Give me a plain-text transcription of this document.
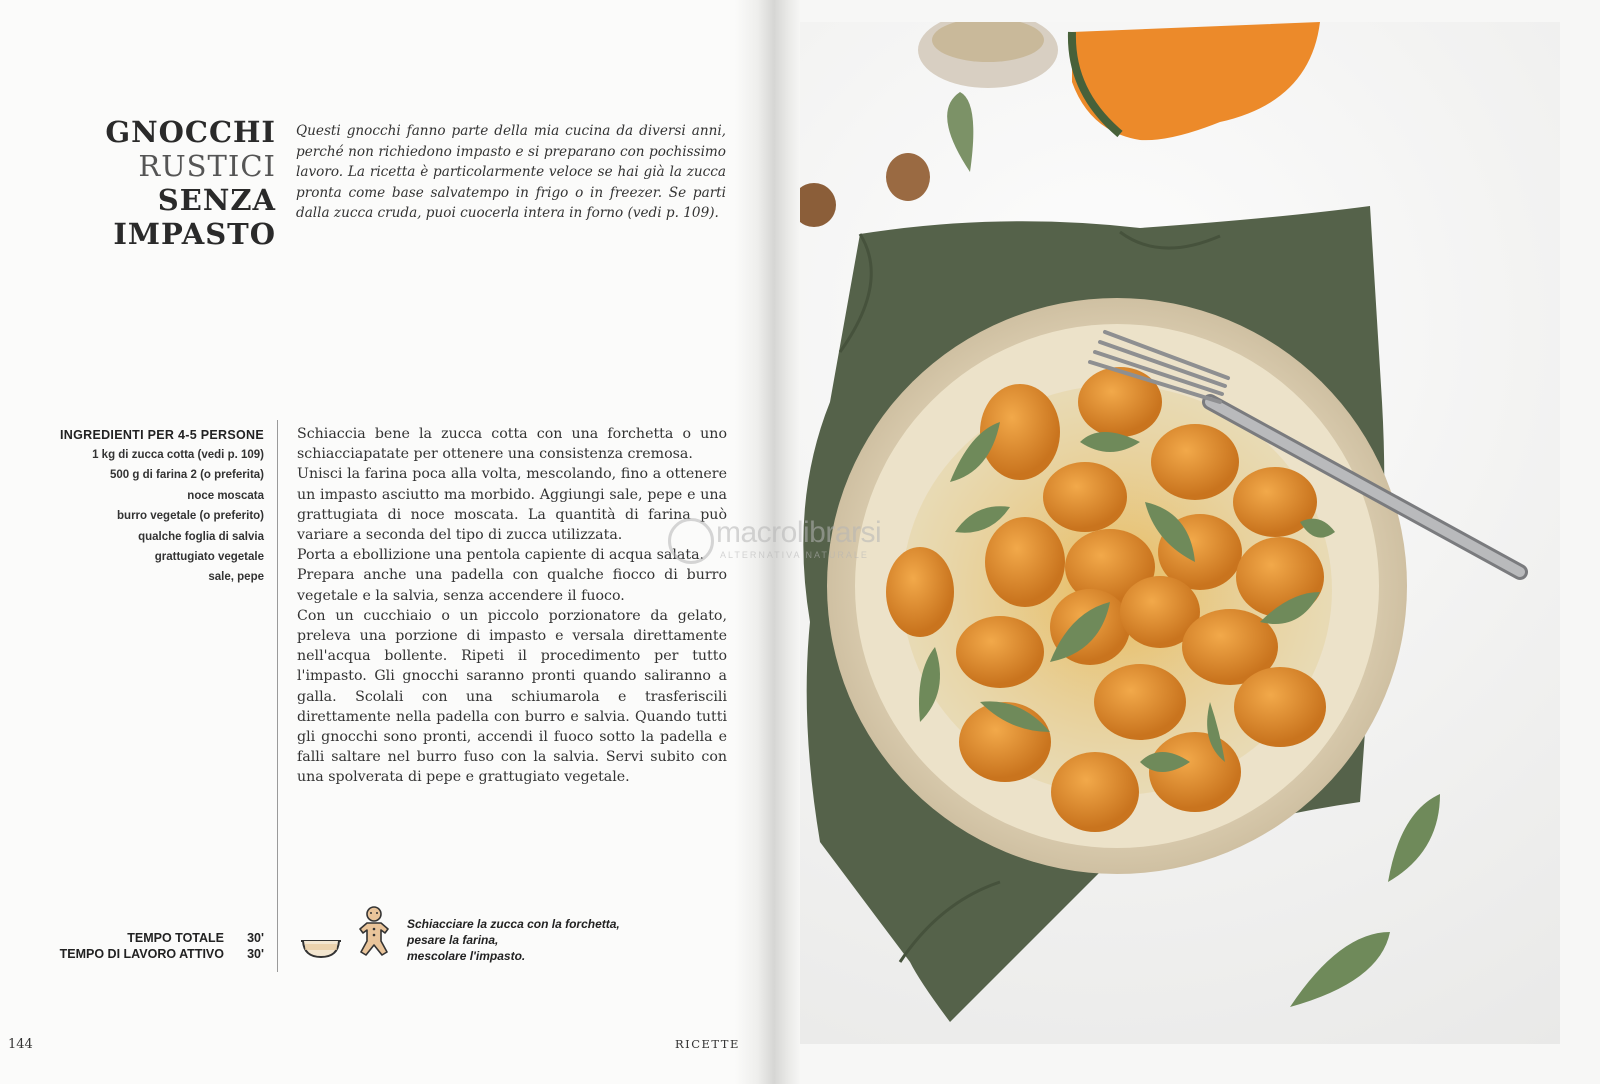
GNOCCHI
RUSTICI
SENZA
IMPASTO
Questi gnocchi fanno parte della mia cucina da diversi anni, perché non richiedono impasto e si preparano con pochissimo lavoro. La ricetta è particolarmente veloce se hai già la zucca pronta come base salvatempo in frigo o in freezer. Se parti dalla zucca cruda, puoi cuocerla intera in forno (vedi p. 109).
INGREDIENTI PER 4-5 PERSONE
1 kg di zucca cotta (vedi p. 109)
500 g di farina 2 (o preferita)
noce moscata
burro vegetale (o preferito)
qualche foglia di salvia
grattugiato vegetale
sale, pepe

Schiaccia bene la zucca cotta con una forchetta o uno schiacciapatate per ottenere una consistenza cremosa.

Unisci la farina poca alla volta, mescolando, fino a ottenere un impasto asciutto ma morbido. Aggiungi sale, pepe e una grattugiata di noce moscata. La quantità di farina può variare a seconda del tipo di zucca utilizzata.

Porta a ebollizione una pentola capiente di acqua salata.

Prepara anche una padella con qualche fiocco di burro vegetale e la salvia, senza accendere il fuoco.

Con un cucchiaio o un piccolo porzionatore da gelato, preleva una porzione di impasto e versala direttamente nell'acqua bollente. Ripeti il procedimento per tutto l'impasto. Gli gnocchi saranno pronti quando saliranno a galla. Scolali con una schiumarola e trasferiscili direttamente nella padella con burro e salvia. Quando tutti gli gnocchi sono pronti, accendi il fuoco sotto la padella e falli saltare nel burro fuso con la salvia. Servi subito con una spolverata di pepe e grattugiato vegetale.

TEMPO TOTALE	30'
TEMPO DI LAVORO ATTIVO	30'
Schiacciare la zucca con la forchetta,
pesare la farina,
mescolare l'impasto.
144	RICETTE
macrolibrarsi
ALTERNATIVA NATURALE
